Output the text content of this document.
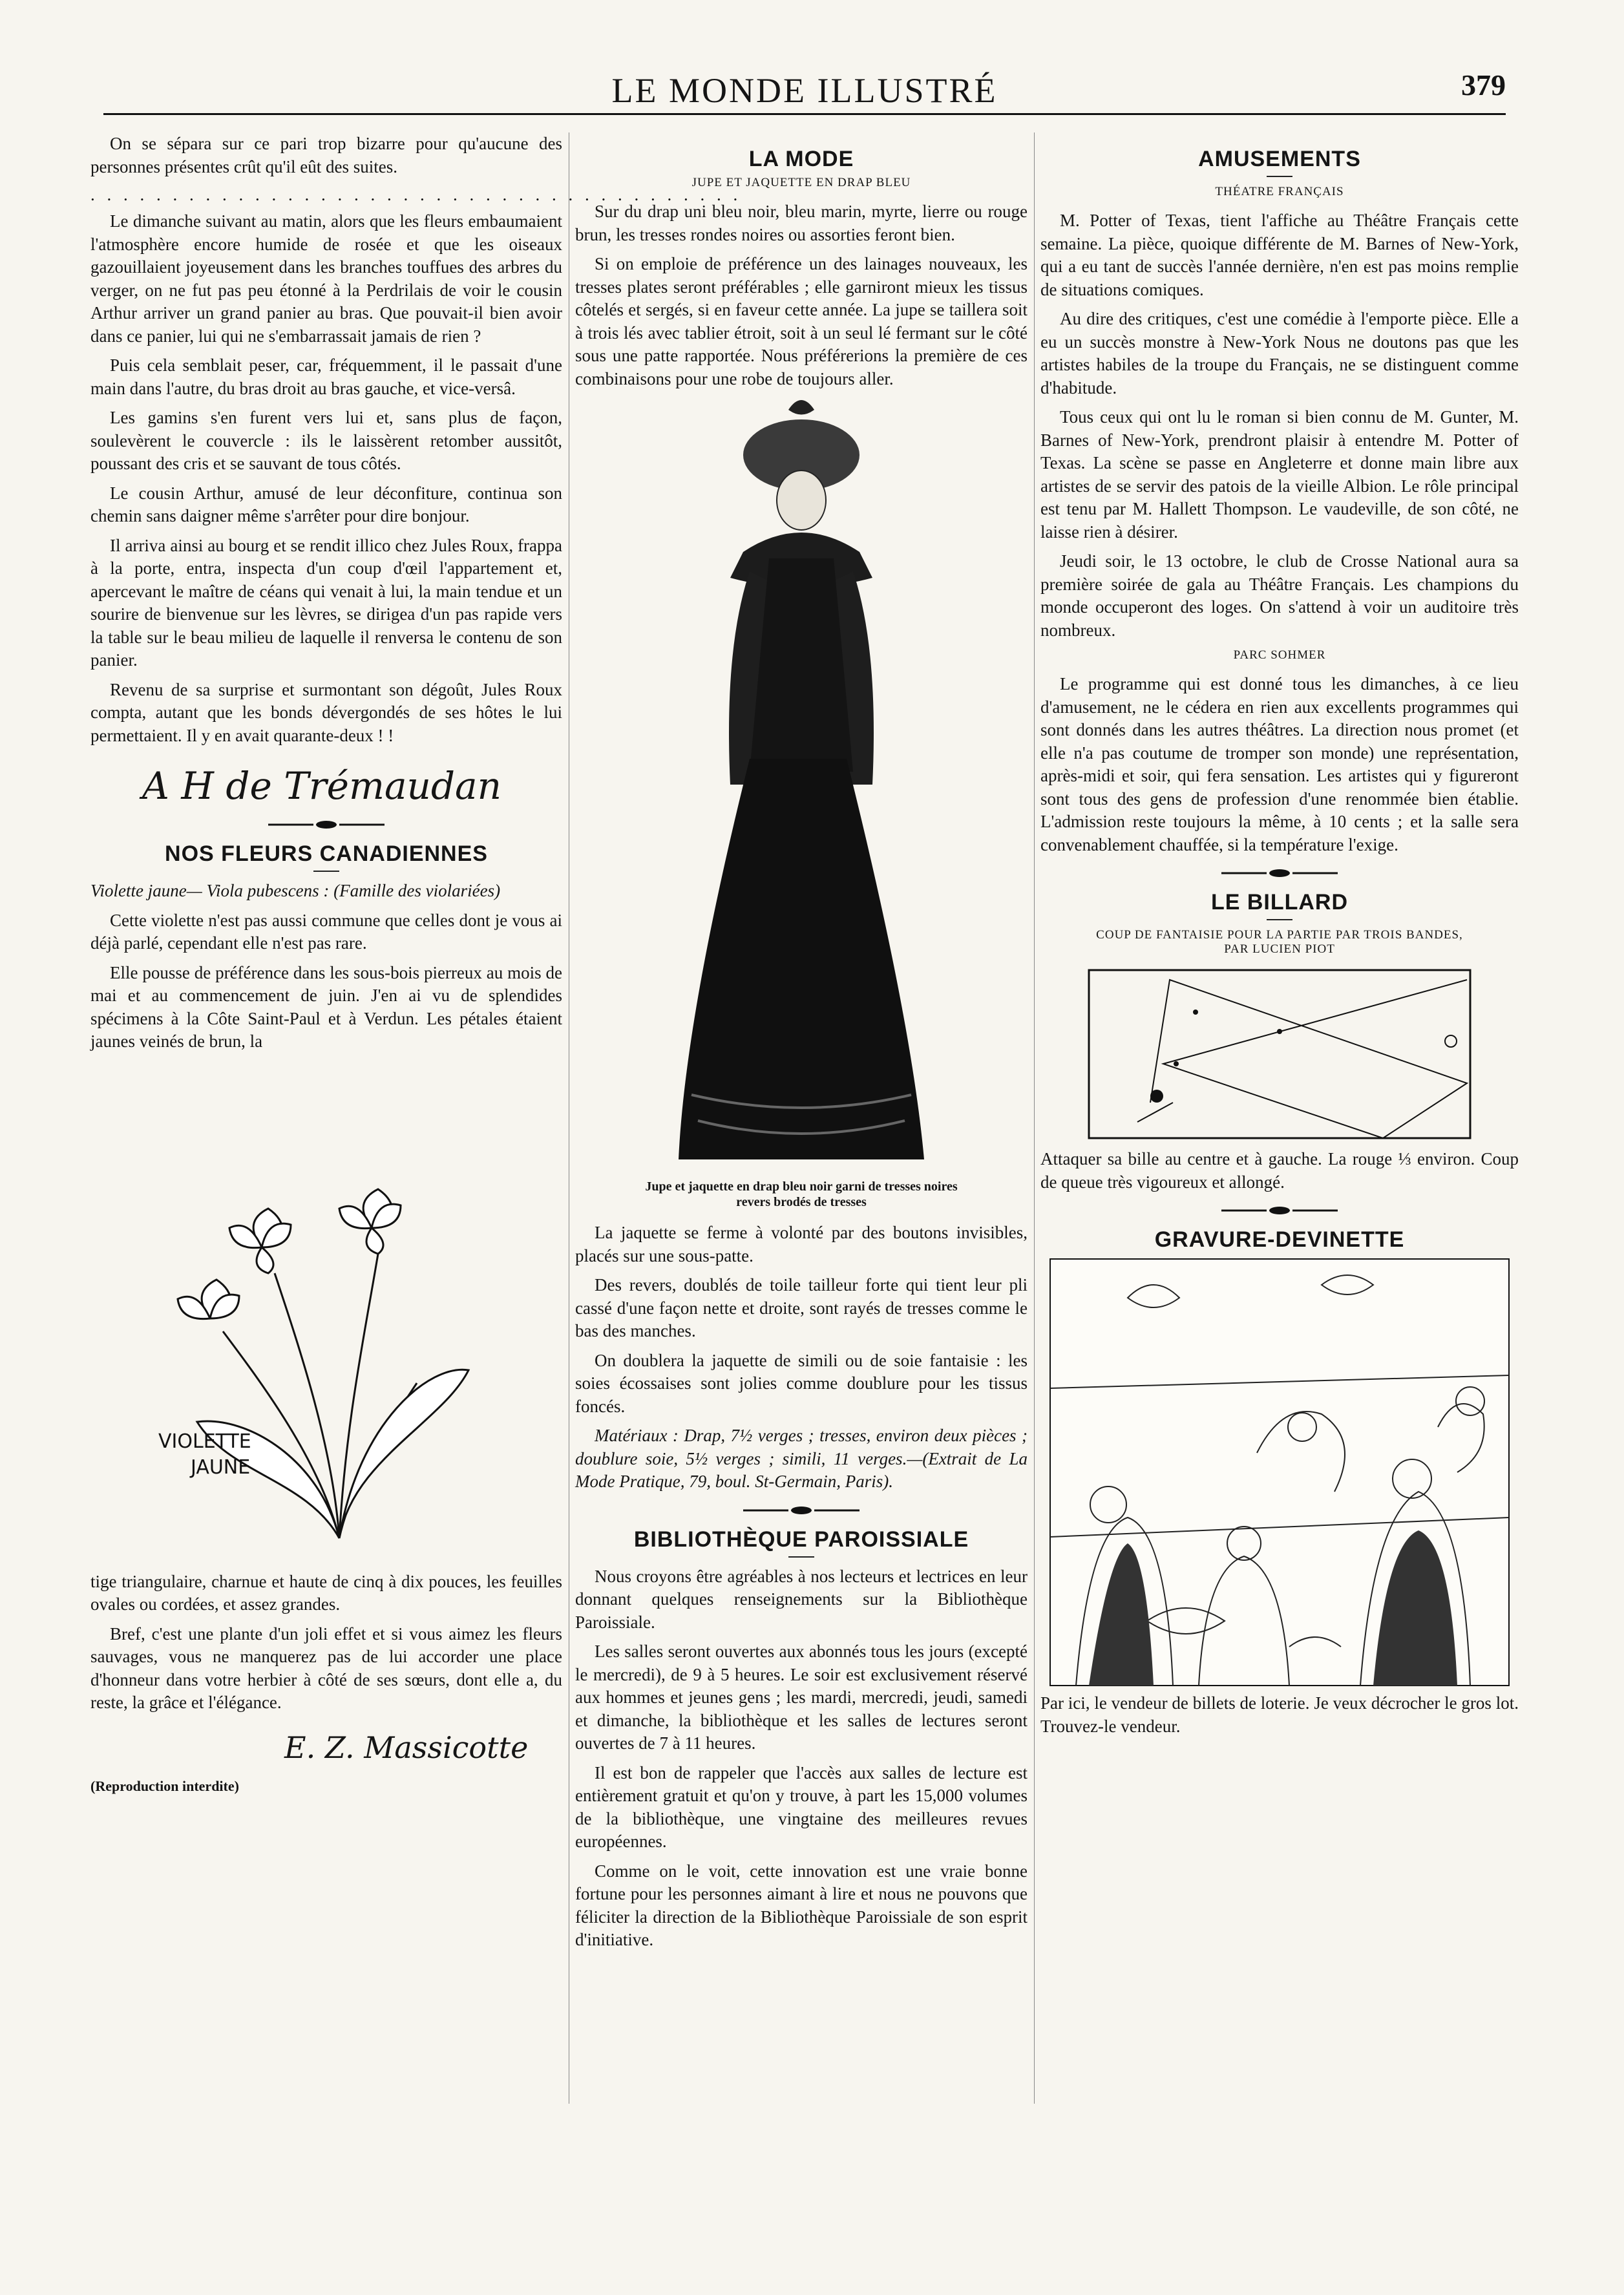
LE MONDE ILLUSTRÉ	379

On se sépara sur ce pari trop bizarre pour qu'aucune des personnes présentes crût qu'il eût des suites.

. . . . . . . . . . . . . . . . . . . . . . . . . . . . . . . . . . . . . . . .

Le dimanche suivant au matin, alors que les fleurs embaumaient l'atmosphère encore humide de rosée et que les oiseaux gazouillaient joyeusement dans les branches touffues des arbres du verger, on ne fut pas peu étonné à la Perdrilais de voir le cousin Arthur arriver un grand panier au bras. Que pouvait-il bien avoir dans ce panier, lui qui ne s'embarrassait jamais de rien ?

Puis cela semblait peser, car, fréquemment, il le passait d'une main dans l'autre, du bras droit au bras gauche, et vice-versâ.

Les gamins s'en furent vers lui et, sans plus de façon, soulevèrent le couvercle : ils le laissèrent retomber aussitôt, poussant des cris et se sauvant de tous côtés.

Le cousin Arthur, amusé de leur déconfiture, continua son chemin sans daigner même s'arrêter pour dire bonjour.

Il arriva ainsi au bourg et se rendit illico chez Jules Roux, frappa à la porte, entra, inspecta d'un coup d'œil l'appartement et, apercevant le maître de céans qui venait à lui, la main tendue et un sourire de bienvenue sur les lèvres, se dirigea d'un pas rapide vers la table sur le beau milieu de laquelle il renversa le contenu de son panier.

Revenu de sa surprise et surmontant son dégoût, Jules Roux compta, autant que les bonds dévergondés de ses hôtes le lui permettaient. Il y en avait quarante-deux ! !

A H de Trémaudan
NOS FLEURS CANADIENNES

Violette jaune— Viola pubescens : (Famille des violariées)

Cette violette n'est pas aussi commune que celles dont je vous ai déjà parlé, cependant elle n'est pas rare.

Elle pousse de préférence dans les sous-bois pierreux au mois de mai et au commencement de juin. J'en ai vu de splendides spécimens à la Côte Saint-Paul et à Verdun. Les pétales étaient jaunes veinés de brun, la

VIOLETTE
JAUNE

tige triangulaire, charnue et haute de cinq à dix pouces, les feuilles ovales ou cordées, et assez grandes.

Bref, c'est une plante d'un joli effet et si vous aimez les fleurs sauvages, vous ne manquerez pas de lui accorder une place d'honneur dans votre herbier à côté de ses sœurs, dont elle a, du reste, la grâce et l'élégance.

E. Z. Massicotte
(Reproduction interdite)
LA MODE
JUPE ET JAQUETTE EN DRAP BLEU

Sur du drap uni bleu noir, bleu marin, myrte, lierre ou rouge brun, les tresses rondes noires ou assorties feront bien.

Si on emploie de préférence un des lainages nouveaux, les tresses plates seront préférables ; elle garniront mieux les tissus côtelés et sergés, si en faveur cette année. La jupe se taillera soit à trois lés avec tablier étroit, soit à un seul lé fermant sur le côté sous une patte rapportée. Nous préférerions la première de ces combinaisons pour une robe de toujours aller.

Jupe et jaquette en drap bleu noir garni de tresses noires
revers brodés de tresses

La jaquette se ferme à volonté par des boutons invisibles, placés sur une sous-patte.

Des revers, doublés de toile tailleur forte qui tient leur pli cassé d'une façon nette et droite, sont rayés de tresses comme le bas des manches.

On doublera la jaquette de simili ou de soie fantaisie : les soies écossaises sont jolies comme doublure pour les tissus foncés.

Matériaux : Drap, 7½ verges ; tresses, environ deux pièces ; doublure soie, 5½ verges ; simili, 11 verges.—(Extrait de La Mode Pratique, 79, boul. St-Germain, Paris).

BIBLIOTHÈQUE PAROISSIALE

Nous croyons être agréables à nos lecteurs et lectrices en leur donnant quelques renseignements sur la Bibliothèque Paroissiale.

Les salles seront ouvertes aux abonnés tous les jours (excepté le mercredi), de 9 à 5 heures. Le soir est exclusivement réservé aux hommes et jeunes gens ; les mardi, mercredi, jeudi, samedi et dimanche, la bibliothèque et les salles de lectures seront ouvertes de 7 à 11 heures.

Il est bon de rappeler que l'accès aux salles de lecture est entièrement gratuit et qu'on y trouve, à part les 15,000 volumes de la bibliothèque, une vingtaine des meilleures revues européennes.

Comme on le voit, cette innovation est une vraie bonne fortune pour les personnes aimant à lire et nous ne pouvons que féliciter la direction de la Bibliothèque Paroissiale de son esprit d'initiative.

AMUSEMENTS
THÉATRE FRANÇAIS

M. Potter of Texas, tient l'affiche au Théâtre Français cette semaine. La pièce, quoique différente de M. Barnes of New-York, qui a eu tant de succès l'année dernière, n'en est pas moins remplie de situations comiques.

Au dire des critiques, c'est une comédie à l'emporte pièce. Elle a eu un succès monstre à New-York Nous ne doutons pas que les artistes habiles de la troupe du Français, ne se distinguent comme d'habitude.

Tous ceux qui ont lu le roman si bien connu de M. Gunter, M. Barnes of New-York, prendront plaisir à entendre M. Potter of Texas. La scène se passe en Angleterre et donne main libre aux artistes de se servir des patois de la vieille Albion. Le rôle principal est tenu par M. Hallett Thompson. Le vaudeville, de son côté, ne laisse rien à désirer.

Jeudi soir, le 13 octobre, le club de Crosse National aura sa première soirée de gala au Théâtre Français. Les champions du monde occuperont des loges. On s'attend à voir un auditoire très nombreux.

PARC SOHMER

Le programme qui est donné tous les dimanches, à ce lieu d'amusement, ne le cédera en rien aux excellents programmes qui sont donnés dans les autres théâtres. La direction nous promet (et elle n'a pas coutume de tromper son monde) une représentation, après-midi et soir, qui fera sensation. Les artistes qui y figureront sont tous des gens de profession d'une renommée bien établie. L'admission reste toujours la même, à 10 cents ; et la salle sera convenablement chauffée, si la température l'exige.

LE BILLARD
COUP DE FANTAISIE POUR LA PARTIE PAR TROIS BANDES,
PAR LUCIEN PIOT

Attaquer sa bille au centre et à gauche. La rouge ⅓ environ. Coup de queue très vigoureux et allongé.

GRAVURE-DEVINETTE

Par ici, le vendeur de billets de loterie. Je veux décrocher le gros lot. Trouvez-le vendeur.
